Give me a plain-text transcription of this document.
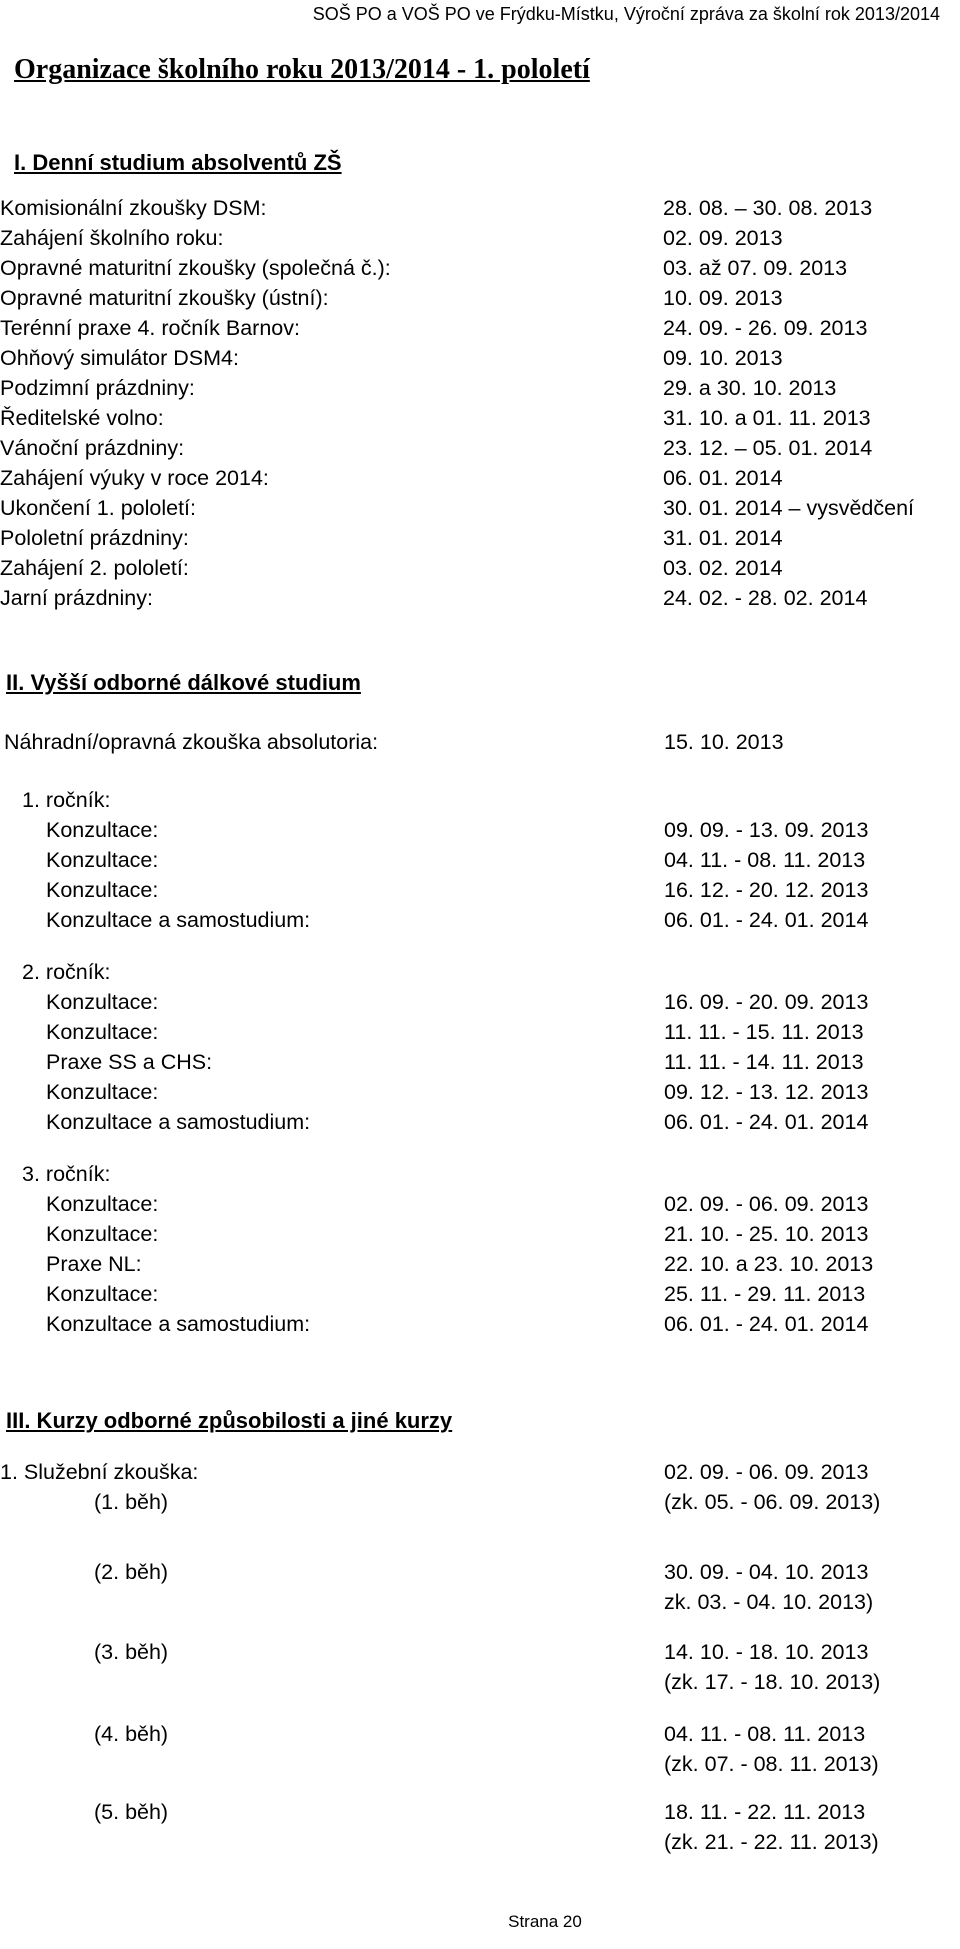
SOŠ PO a VOŠ PO ve Frýdku-Místku, Výroční zpráva za školní rok 2013/2014
Organizace školního roku 2013/2014 - 1. pololetí
I. Denní studium absolventů ZŠ
Komisionální zkoušky DSM:	28. 08. – 30. 08. 2013
Zahájení školního roku:	02. 09. 2013
Opravné maturitní zkoušky (společná č.):	03. až 07. 09. 2013
Opravné maturitní zkoušky (ústní):	10. 09. 2013
Terénní praxe 4. ročník Barnov:	24. 09. - 26. 09. 2013
Ohňový simulátor DSM4:	09. 10. 2013
Podzimní prázdniny:	29. a 30. 10. 2013
Ředitelské volno:	31. 10. a 01. 11. 2013
Vánoční prázdniny:	23. 12. – 05. 01. 2014
Zahájení výuky v roce 2014:	06. 01. 2014
Ukončení 1. pololetí:	30. 01. 2014 – vysvědčení
Pololetní prázdniny:	31. 01. 2014
Zahájení 2. pololetí:	03. 02. 2014
Jarní prázdniny:	24. 02. - 28. 02. 2014
II. Vyšší odborné dálkové studium
Náhradní/opravná zkouška absolutoria:	15. 10. 2013
1. ročník:
Konzultace:	09. 09. - 13. 09. 2013
Konzultace:	04. 11. - 08. 11. 2013
Konzultace:	16. 12. - 20. 12. 2013
Konzultace a samostudium:	06. 01. - 24. 01. 2014
2. ročník:
Konzultace:	16. 09. - 20. 09. 2013
Konzultace:	11. 11. - 15. 11. 2013
Praxe SS a CHS:	11. 11. - 14. 11. 2013
Konzultace:	09. 12. - 13. 12. 2013
Konzultace a samostudium:	06. 01. - 24. 01. 2014
3. ročník:
Konzultace:	02. 09. - 06. 09. 2013
Konzultace:	21. 10. - 25. 10. 2013
Praxe NL:	22. 10. a 23. 10. 2013
Konzultace:	25. 11. - 29. 11. 2013
Konzultace a samostudium:	06. 01. - 24. 01. 2014
III. Kurzy odborné způsobilosti a jiné kurzy
1. Služební zkouška:	02. 09. - 06. 09. 2013
(1. běh)	(zk. 05. - 06. 09. 2013)
(2. běh)	30. 09. - 04. 10. 2013
zk. 03. - 04. 10. 2013)
(3. běh)	14. 10. - 18. 10. 2013
(zk. 17. - 18. 10. 2013)
(4. běh)	04. 11. - 08. 11. 2013
(zk. 07. - 08. 11. 2013)
(5. běh)	18. 11. - 22. 11. 2013
(zk. 21. - 22. 11. 2013)
Strana 20
